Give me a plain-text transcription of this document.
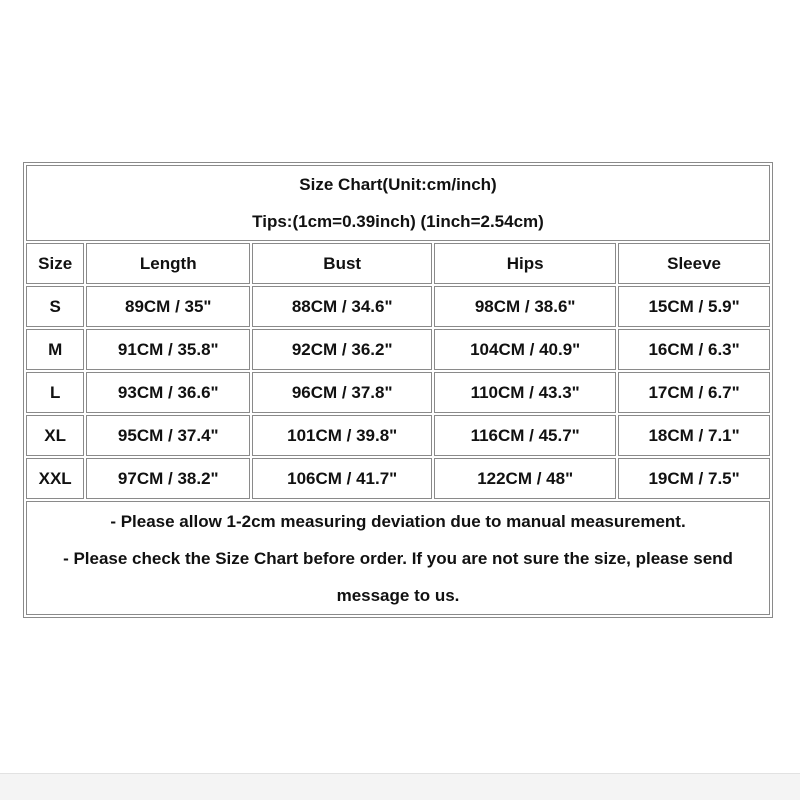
Size Chart(Unit:cm/inch)
Tips:(1cm=0.39inch) (1inch=2.54cm)				

Size	Length	Bust	Hips	Sleeve
S	89CM / 35"	88CM / 34.6"	98CM / 38.6"	15CM / 5.9"
M	91CM / 35.8"	92CM / 36.2"	104CM / 40.9"	16CM / 6.3"
L	93CM / 36.6"	96CM / 37.8"	110CM / 43.3"	17CM / 6.7"
XL	95CM / 37.4"	101CM / 39.8"	116CM / 45.7"	18CM / 7.1"
XXL	97CM / 38.2"	106CM / 41.7"	122CM / 48"	19CM / 7.5"

- Please allow 1-2cm measuring deviation due to manual measurement.
- Please check the Size Chart before order. If you are not sure the size, please send
message to us.				
